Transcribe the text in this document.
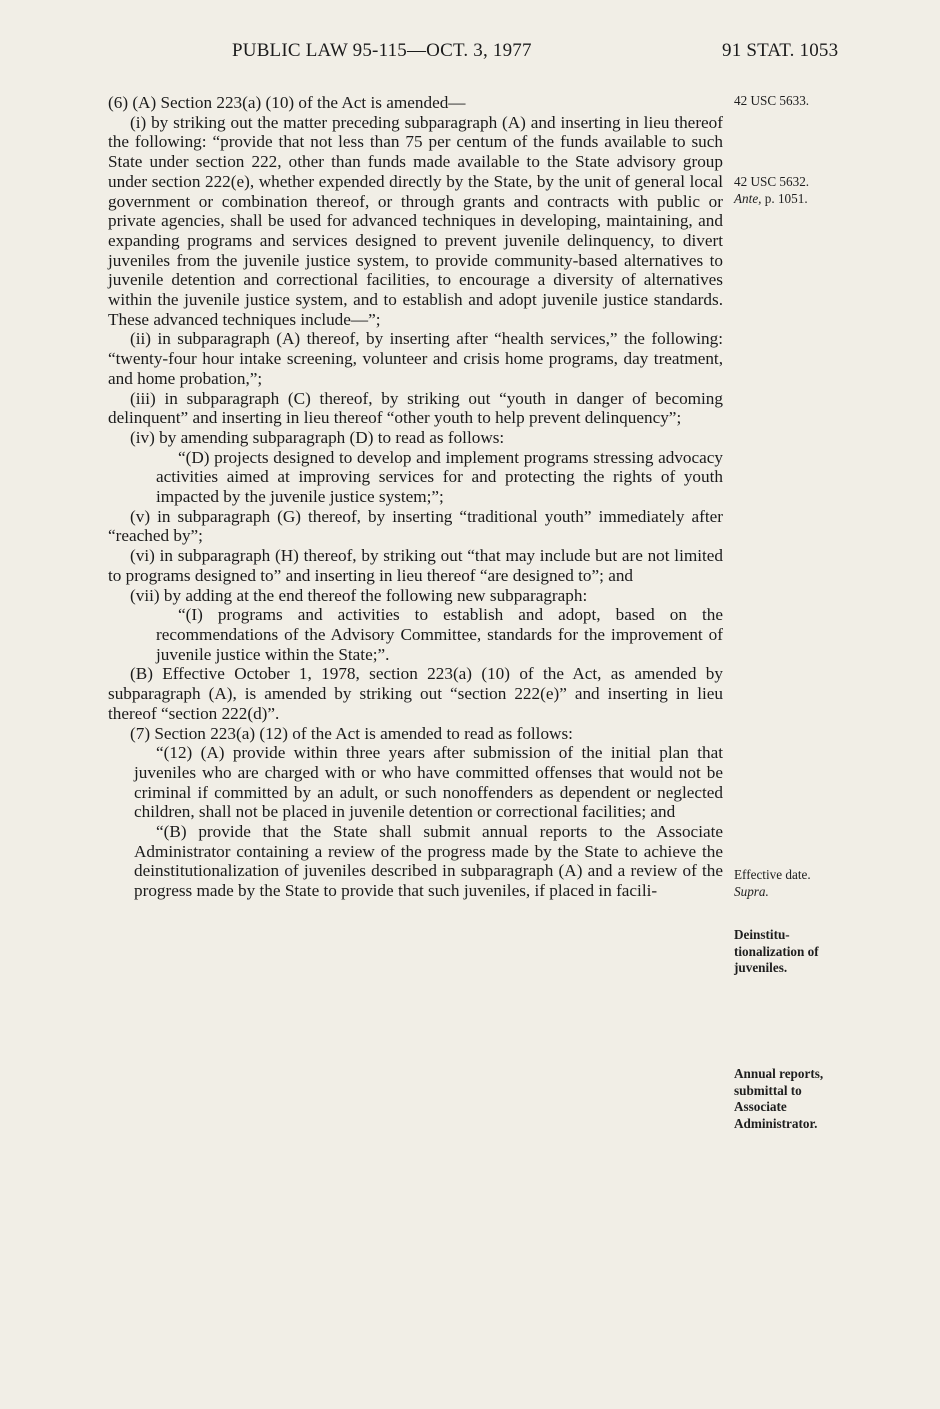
PUBLIC LAW 95-115—OCT. 3, 1977	91 STAT. 1053

(6) (A) Section 223(a) (10) of the Act is amended—

(i) by striking out the matter preceding subparagraph (A) and inserting in lieu thereof the following: “provide that not less than 75 per centum of the funds available to such State under section 222, other than funds made available to the State advisory group under section 222(e), whether expended directly by the State, by the unit of general local government or combination thereof, or through grants and contracts with public or private agencies, shall be used for advanced techniques in developing, maintaining, and expanding programs and services designed to prevent juvenile delinquency, to divert juveniles from the juvenile justice system, to provide community-based alternatives to juvenile detention and correctional facilities, to encourage a diversity of alternatives within the juvenile justice system, and to establish and adopt juvenile justice standards. These advanced techniques include—”;

(ii) in subparagraph (A) thereof, by inserting after “health services,” the following: “twenty-four hour intake screening, volunteer and crisis home programs, day treatment, and home probation,”;

(iii) in subparagraph (C) thereof, by striking out “youth in danger of becoming delinquent” and inserting in lieu thereof “other youth to help prevent delinquency”;

(iv) by amending subparagraph (D) to read as follows:

“(D) projects designed to develop and implement programs stressing advocacy activities aimed at improving services for and protecting the rights of youth impacted by the juvenile justice system;”;

(v) in subparagraph (G) thereof, by inserting “traditional youth” immediately after “reached by”;

(vi) in subparagraph (H) thereof, by striking out “that may include but are not limited to programs designed to” and inserting in lieu thereof “are designed to”; and

(vii) by adding at the end thereof the following new subparagraph:

“(I) programs and activities to establish and adopt, based on the recommendations of the Advisory Committee, standards for the improvement of juvenile justice within the State;”.

(B) Effective October 1, 1978, section 223(a) (10) of the Act, as amended by subparagraph (A), is amended by striking out “section 222(e)” and inserting in lieu thereof “section 222(d)”.

(7) Section 223(a) (12) of the Act is amended to read as follows:

“(12) (A) provide within three years after submission of the initial plan that juveniles who are charged with or who have committed offenses that would not be criminal if committed by an adult, or such nonoffenders as dependent or neglected children, shall not be placed in juvenile detention or correctional facilities; and

“(B) provide that the State shall submit annual reports to the Associate Administrator containing a review of the progress made by the State to achieve the deinstitutionalization of juveniles described in subparagraph (A) and a review of the progress made by the State to provide that such juveniles, if placed in facili-

42 USC 5633.
42 USC 5632.
Ante, p. 1051.
Effective date.
Supra.
Deinstitu-
tionalization of
juveniles.
Annual reports,
submittal to
Associate
Administrator.
